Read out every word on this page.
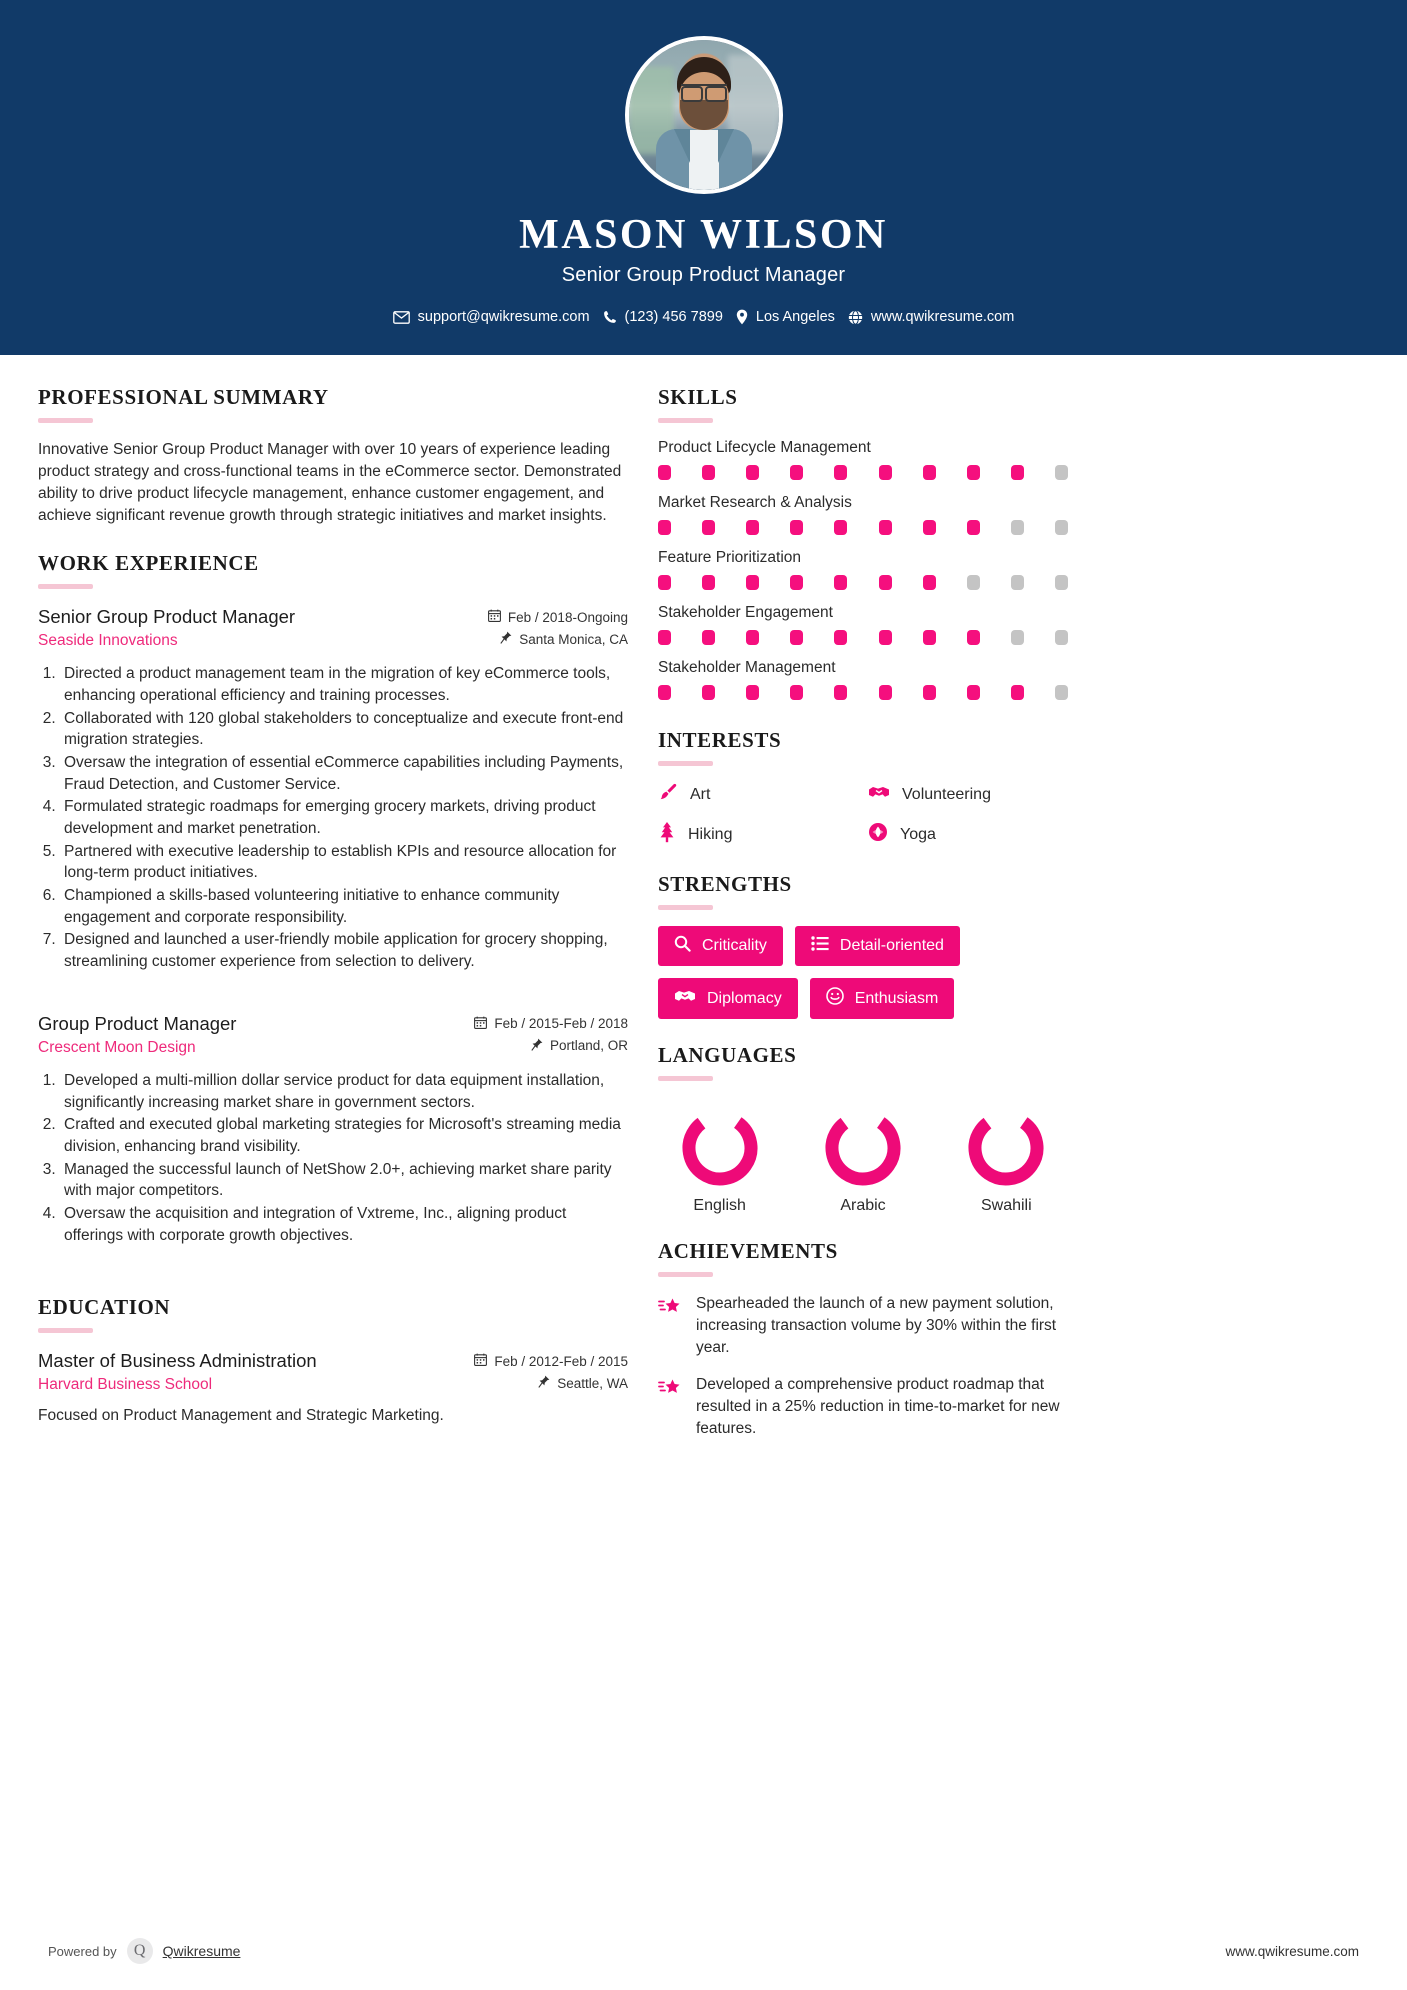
MASON WILSON
Senior Group Product Manager
support@qwikresume.com (123) 456 7899 Los Angeles www.qwikresume.com
PROFESSIONAL SUMMARY
Innovative Senior Group Product Manager with over 10 years of experience leading product strategy and cross-functional teams in the eCommerce sector. Demonstrated ability to drive product lifecycle management, enhance customer engagement, and achieve significant revenue growth through strategic initiatives and market insights.
WORK EXPERIENCE
Senior Group Product Manager
Seaside Innovations
Feb / 2018-Ongoing
Santa Monica, CA
1. Directed a product management team in the migration of key eCommerce tools, enhancing operational efficiency and training processes.
2. Collaborated with 120 global stakeholders to conceptualize and execute front-end migration strategies.
3. Oversaw the integration of essential eCommerce capabilities including Payments, Fraud Detection, and Customer Service.
4. Formulated strategic roadmaps for emerging grocery markets, driving product development and market penetration.
5. Partnered with executive leadership to establish KPIs and resource allocation for long-term product initiatives.
6. Championed a skills-based volunteering initiative to enhance community engagement and corporate responsibility.
7. Designed and launched a user-friendly mobile application for grocery shopping, streamlining customer experience from selection to delivery.
Group Product Manager
Crescent Moon Design
Feb / 2015-Feb / 2018
Portland, OR
1. Developed a multi-million dollar service product for data equipment installation, significantly increasing market share in government sectors.
2. Crafted and executed global marketing strategies for Microsoft's streaming media division, enhancing brand visibility.
3. Managed the successful launch of NetShow 2.0+, achieving market share parity with major competitors.
4. Oversaw the acquisition and integration of Vxtreme, Inc., aligning product offerings with corporate growth objectives.
EDUCATION
Master of Business Administration
Harvard Business School
Feb / 2012-Feb / 2015
Seattle, WA
Focused on Product Management and Strategic Marketing.
SKILLS
Product Lifecycle Management
Market Research & Analysis
Feature Prioritization
Stakeholder Engagement
Stakeholder Management
INTERESTS
Art	Volunteering
Hiking	Yoga
STRENGTHS
Criticality	Detail-oriented
Diplomacy	Enthusiasm
LANGUAGES
English	Arabic	Swahili
ACHIEVEMENTS
Spearheaded the launch of a new payment solution, increasing transaction volume by 30% within the first year.
Developed a comprehensive product roadmap that resulted in a 25% reduction in time-to-market for new features.
Powered by	Q	Qwikresume	www.qwikresume.com
